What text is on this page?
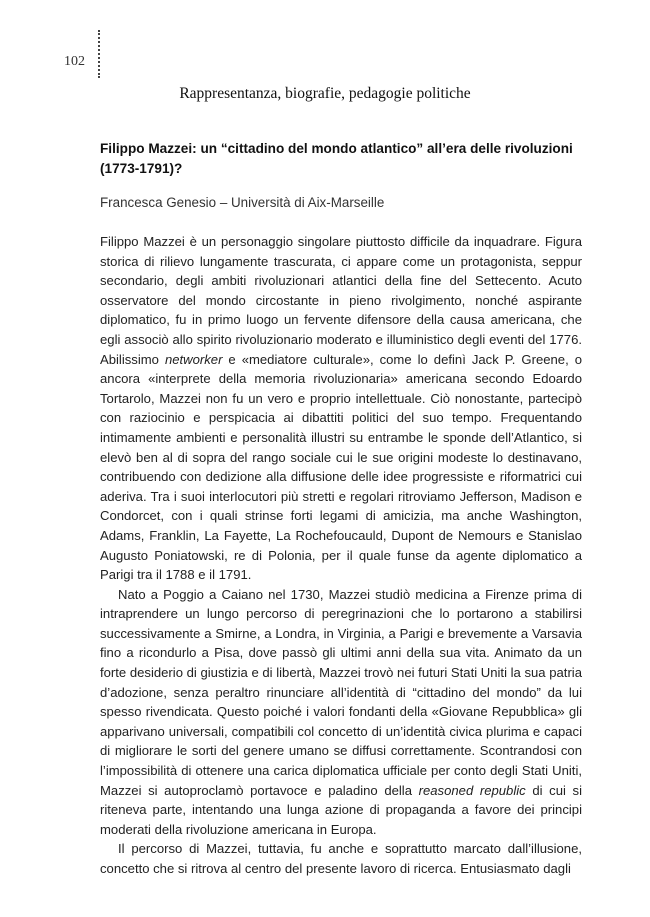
102
Rappresentanza, biografie, pedagogie politiche
Filippo Mazzei: un “cittadino del mondo atlantico” all’era delle rivoluzioni (1773-1791)?
Francesca Genesio – Università di Aix-Marseille

Filippo Mazzei è un personaggio singolare piuttosto difficile da inquadrare. Figura storica di rilievo lungamente trascurata, ci appare come un protagonista, seppur secondario, degli ambiti rivoluzionari atlantici della fine del Settecento. Acuto osservatore del mondo circostante in pieno rivolgimento, nonché aspirante diplomatico, fu in primo luogo un fervente difensore della causa americana, che egli associò allo spirito rivoluzionario moderato e illuministico degli eventi del 1776. Abilissimo networker e «mediatore culturale», come lo definì Jack P. Greene, o ancora «interprete della memoria rivoluzionaria» americana secondo Edoardo Tortarolo, Mazzei non fu un vero e proprio intellettuale. Ciò nonostante, partecipò con raziocinio e perspicacia ai dibattiti politici del suo tempo. Frequentando intimamente ambienti e personalità illustri su entrambe le sponde dell’Atlantico, si elevò ben al di sopra del rango sociale cui le sue origini modeste lo destinavano, contribuendo con dedizione alla diffusione delle idee progressiste e riformatrici cui aderiva. Tra i suoi interlocutori più stretti e regolari ritroviamo Jefferson, Madison e Condorcet, con i quali strinse forti legami di amicizia, ma anche Washington, Adams, Franklin, La Fayette, La Rochefoucauld, Dupont de Nemours e Stanislao Augusto Poniatowski, re di Polonia, per il quale funse da agente diplomatico a Parigi tra il 1788 e il 1791.

Nato a Poggio a Caiano nel 1730, Mazzei studiò medicina a Firenze prima di intraprendere un lungo percorso di peregrinazioni che lo portarono a stabilirsi successivamente a Smirne, a Londra, in Virginia, a Parigi e brevemente a Varsavia fino a ricondurlo a Pisa, dove passò gli ultimi anni della sua vita. Animato da un forte desiderio di giustizia e di libertà, Mazzei trovò nei futuri Stati Uniti la sua patria d’adozione, senza peraltro rinunciare all’identità di “cittadino del mondo” da lui spesso rivendicata. Questo poiché i valori fondanti della «Giovane Repubblica» gli apparivano universali, compatibili col concetto di un’identità civica plurima e capaci di migliorare le sorti del genere umano se diffusi correttamente. Scontrandosi con l’impossibilità di ottenere una carica diplomatica ufficiale per conto degli Stati Uniti, Mazzei si autoproclamò portavoce e paladino della reasoned republic di cui si riteneva parte, intentando una lunga azione di propaganda a favore dei principi moderati della rivoluzione americana in Europa.

Il percorso di Mazzei, tuttavia, fu anche e soprattutto marcato dall’illusione, concetto che si ritrova al centro del presente lavoro di ricerca. Entusiasmato dagli
